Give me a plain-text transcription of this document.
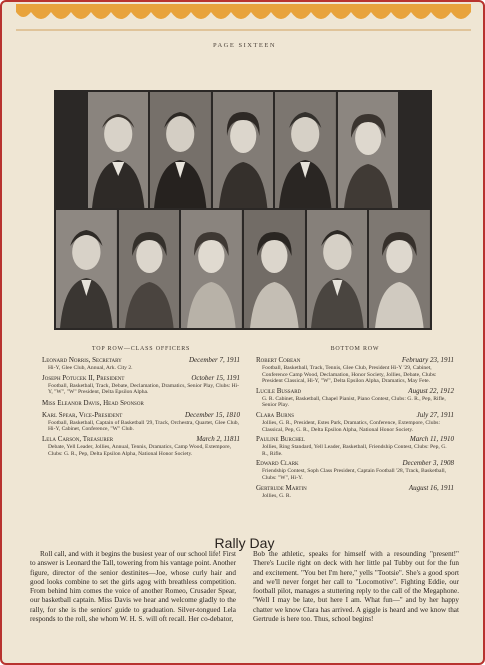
PAGE SIXTEEN
TOP ROW—CLASS OFFICERS
Leonard Norris, Secretary	December 7, 1911
Hi-Y, Glee Club, Annual, Ark. City 2.
Joseph Potucek II, President	October 15, 1191
Football, Basketball, Track, Debate, Declamation, Dramatics, Senior Play, Clubs: Hi-Y, "W", "W" President, Delta Epsilon Alpha.
Miss Eleanor Davis, Head Sponsor
Karl Spear, Vice-President	December 15, 1810
Football, Basketball, Captain of Basketball '29, Track, Orchestra, Quartet, Glee Club, Hi-Y, Cabinet, Conference, "W" Club.
Lela Carson, Treasurer	March 2, 11811
Debate, Yell Leader, Jollies, Annual, Tennis, Dramatics, Camp Wood, Extempore, Clubs: G. R., Pep, Delta Epsilon Alpha, National Honor Society.
BOTTOM ROW
Robert Cobean	February 23, 1911
Football, Basketball, Track, Tennis, Glee Club, President Hi-Y '29, Cabinet, Conference Camp Wood, Declamation, Honor Society, Jollies, Debate, Clubs: President Classical, Hi-Y, "W", Delta Epsilon Alpha, Dramatics, May Fete.
Lucile Bussard	August 22, 1912
G. R. Cabinet, Basketball, Chapel Pianist, Piano Contest, Clubs: G. R., Pep, Rifle, Senior Play.
Clara Burns	July 27, 1911
Jollies, G. R., President, Estes Park, Dramatics, Conference, Extempore, Clubs: Classical, Pep, G. R., Delta Epsilon Alpha, National Honor Society.
Pauline Burchel	March 11, 1910
Jollies, Ring Standard, Yell Leader, Basketball, Friendship Contest, Clubs: Pep, G. R., Rifle.
Edward Clark	December 3, 1908
Friendship Contest, Soph Class President, Captain Football '28, Track, Basketball, Clubs: "W", Hi-Y.
Gertrude Martin	August 16, 1911
Jollies, G. R.
Rally Day
Roll call, and with it begins the busiest year of our school life! First to answer is Leonard the Tall, towering from his vantage point. Another figure, director of the senior destinites—Joe, whose curly hair and good looks combine to set the girls agog with breathless competition. From behind him comes the voice of another Romeo, Crusader Spear, our basketball captain. Miss Davis we hear and welcome gladly to the rally, for she is the seniors' guide to graduation. Silver-tongued Lela responds to the roll, she whom W. H. S. will oft recall. Her co-debator,
Bob the athletic, speaks for himself with a resounding "present!" There's Lucile right on deck with her little pal Tubby out for the fun and excitement. "You bet I'm here," yells "Tootsie". She's a good sport and we'll never forget her call to "Locomotive". Fighting Eddie, our football pilot, manages a stuttering reply to the call of the Megaphone. "Well I may be late, but here I am. What fun—" and by her happy chatter we know Clara has arrived. A giggle is heard and we know that Gertrude is here too. Thus, school begins!
